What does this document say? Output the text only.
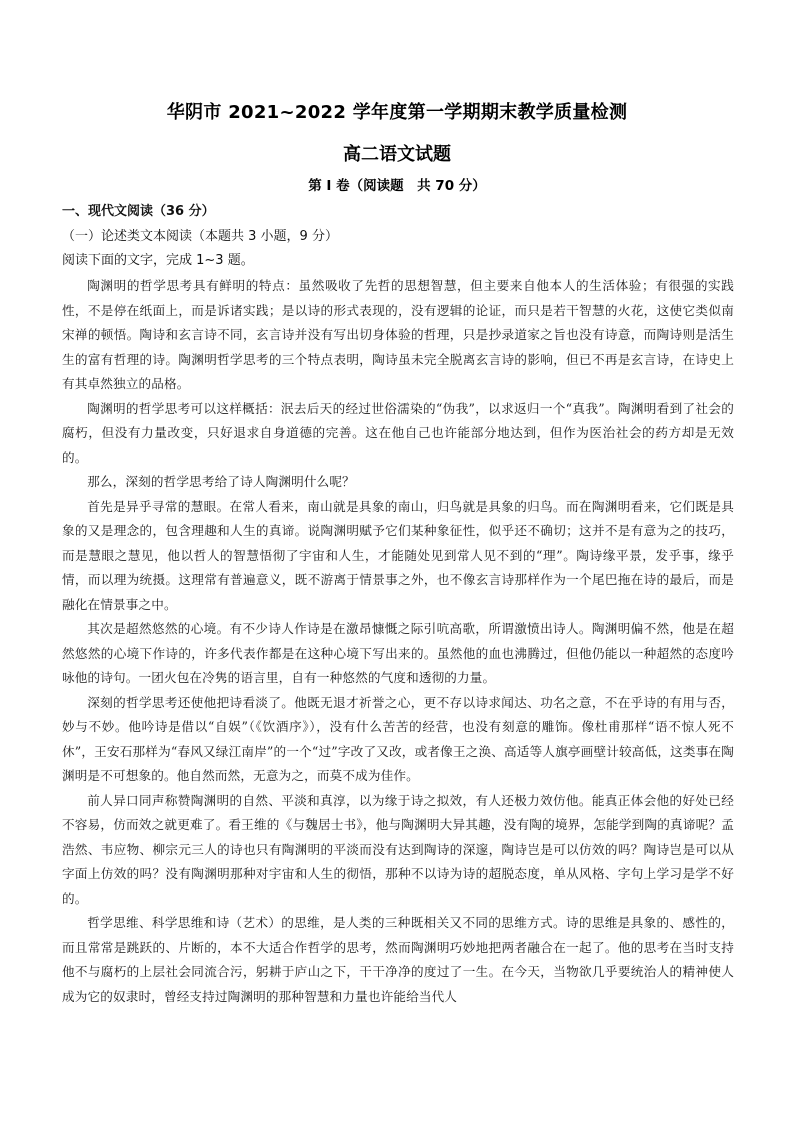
华阴市 2021~2022 学年度第一学期期末教学质量检测
高二语文试题
第 I 卷（阅读题　共 70 分）
一、现代文阅读（36 分）
（一）论述类文本阅读（本题共 3 小题，9 分）
阅读下面的文字，完成 1~3 题。

陶渊明的哲学思考具有鲜明的特点：虽然吸收了先哲的思想智慧，但主要来自他本人的生活体验；有很强的实践性，不是停在纸面上，而是诉诸实践；是以诗的形式表现的，没有逻辑的论证，而只是若干智慧的火花，这使它类似南宋禅的顿悟。陶诗和玄言诗不同，玄言诗并没有写出切身体验的哲理，只是抄录道家之旨也没有诗意，而陶诗则是活生生的富有哲理的诗。陶渊明哲学思考的三个特点表明，陶诗虽未完全脱离玄言诗的影响，但已不再是玄言诗，在诗史上有其卓然独立的品格。

陶渊明的哲学思考可以这样概括：泯去后天的经过世俗濡染的“伪我”，以求返归一个“真我”。陶渊明看到了社会的腐朽，但没有力量改变，只好退求自身道德的完善。这在他自己也许能部分地达到，但作为医治社会的药方却是无效的。

那么，深刻的哲学思考给了诗人陶渊明什么呢？

首先是异乎寻常的慧眼。在常人看来，南山就是具象的南山，归鸟就是具象的归鸟。而在陶渊明看来，它们既是具象的又是理念的，包含理趣和人生的真谛。说陶渊明赋予它们某种象征性，似乎还不确切；这并不是有意为之的技巧，而是慧眼之慧见，他以哲人的智慧悟彻了宇宙和人生，才能随处见到常人见不到的“理”。陶诗缘平景，发乎事，缘乎情，而以理为统摄。这理常有普遍意义，既不游离于情景事之外，也不像玄言诗那样作为一个尾巴拖在诗的最后，而是融化在情景事之中。

其次是超然悠然的心境。有不少诗人作诗是在激昂慷慨之际引吭高歌，所谓激愤出诗人。陶渊明偏不然，他是在超然悠然的心境下作诗的，许多代表作都是在这种心境下写出来的。虽然他的血也沸腾过，但他仍能以一种超然的态度吟咏他的诗句。一团火包在冷隽的语言里，自有一种悠然的气度和透彻的力量。

深刻的哲学思考还使他把诗看淡了。他既无退才祈誉之心，更不存以诗求闻达、功名之意，不在乎诗的有用与否，妙与不妙。他吟诗是借以“自娱”（《饮酒序》），没有什么苦苦的经营，也没有刻意的雕饰。像杜甫那样“语不惊人死不休”，王安石那样为“春风又绿江南岸”的一个“过”字改了又改，或者像王之涣、高适等人旗亭画壁计较高低，这类事在陶渊明是不可想象的。他自然而然，无意为之，而莫不成为佳作。

前人异口同声称赞陶渊明的自然、平淡和真淳，以为缘于诗之拟效，有人还极力效仿他。能真正体会他的好处已经不容易，仿而效之就更难了。看王维的《与魏居士书》，他与陶渊明大异其趣，没有陶的境界，怎能学到陶的真谛呢？孟浩然、韦应物、柳宗元三人的诗也只有陶渊明的平淡而没有达到陶诗的深邃，陶诗岂是可以仿效的吗？陶诗岂是可以从字面上仿效的吗？没有陶渊明那种对宇宙和人生的彻悟，那种不以诗为诗的超脱态度，单从风格、字句上学习是学不好的。

哲学思维、科学思维和诗（艺术）的思维，是人类的三种既相关又不同的思维方式。诗的思维是具象的、感性的，而且常常是跳跃的、片断的，本不大适合作哲学的思考，然而陶渊明巧妙地把两者融合在一起了。他的思考在当时支持他不与腐朽的上层社会同流合污，躬耕于庐山之下，干干净净的度过了一生。在今天，当物欲几乎要统治人的精神使人成为它的奴隶时，曾经支持过陶渊明的那种智慧和力量也许能给当代人
